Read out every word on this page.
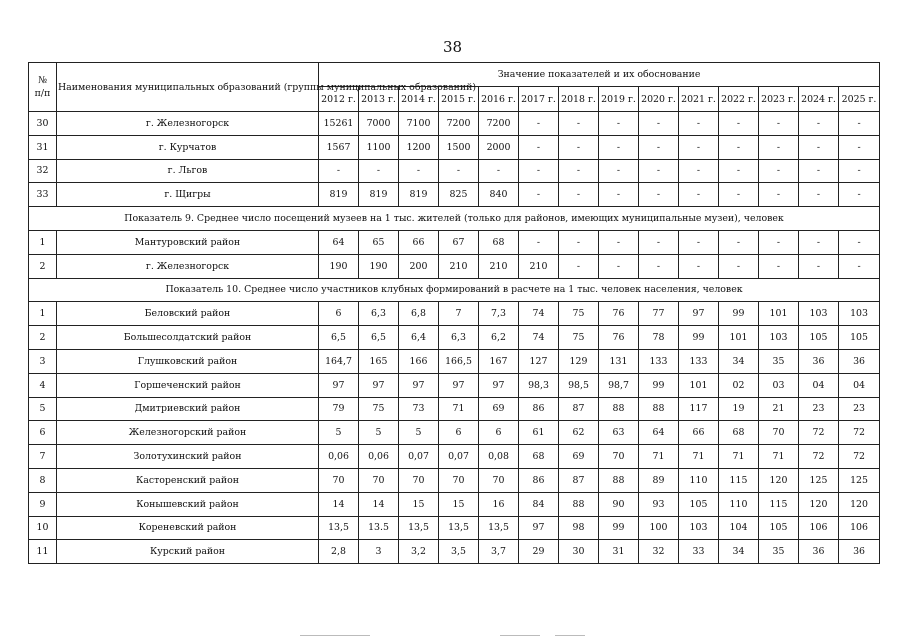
38
№
п/п	Наименования муниципальных образований (группы муниципальных образований)	Значение показателей и их обоснование													
		2012 г.	2013 г.	2014 г.	2015 г.	2016 г.	2017 г.	2018 г.	2019 г.	2020 г.	2021 г.	2022 г.	2023 г.	2024 г.	2025 г.
30	г. Железногорск	15261	7000	7100	7200	7200	-	-	-	-	-	-	-	-	-
31	г. Курчатов	1567	1100	1200	1500	2000	-	-	-	-	-	-	-	-	-
32	г. Льгов	-	-	-	-	-	-	-	-	-	-	-	-	-	-
33	г. Щигры	819	819	819	825	840	-	-	-	-	-	-	-	-	-
Показатель 9. Среднее число посещений музеев на 1 тыс. жителей (только для районов, имеющих муниципальные музеи), человек															
1	Мантуровский район	64	65	66	67	68	-	-	-	-	-	-	-	-	-
2	г. Железногорск	190	190	200	210	210	210	-	-	-	-	-	-	-	-
Показатель 10. Среднее число участников клубных формирований в расчете на 1 тыс. человек населения, человек															
1	Беловский район	6	6,3	6,8	7	7,3	74	75	76	77	97	99	101	103	103
2	Большесолдатский район	6,5	6,5	6,4	6,3	6,2	74	75	76	78	99	101	103	105	105
3	Глушковский район	164,7	165	166	166,5	167	127	129	131	133	133	34	35	36	36
4	Горшеченский район	97	97	97	97	97	98,3	98,5	98,7	99	101	02	03	04	04
5	Дмитриевский район	79	75	73	71	69	86	87	88	88	117	19	21	23	23
6	Железногорский район	5	5	5	6	6	61	62	63	64	66	68	70	72	72
7	Золотухинский район	0,06	0,06	0,07	0,07	0,08	68	69	70	71	71	71	71	72	72
8	Касторенский район	70	70	70	70	70	86	87	88	89	110	115	120	125	125
9	Конышевский район	14	14	15	15	16	84	88	90	93	105	110	115	120	120
10	Кореневский район	13,5	13.5	13,5	13,5	13,5	97	98	99	100	103	104	105	106	106
11	Курский район	2,8	3	3,2	3,5	3,7	29	30	31	32	33	34	35	36	36
